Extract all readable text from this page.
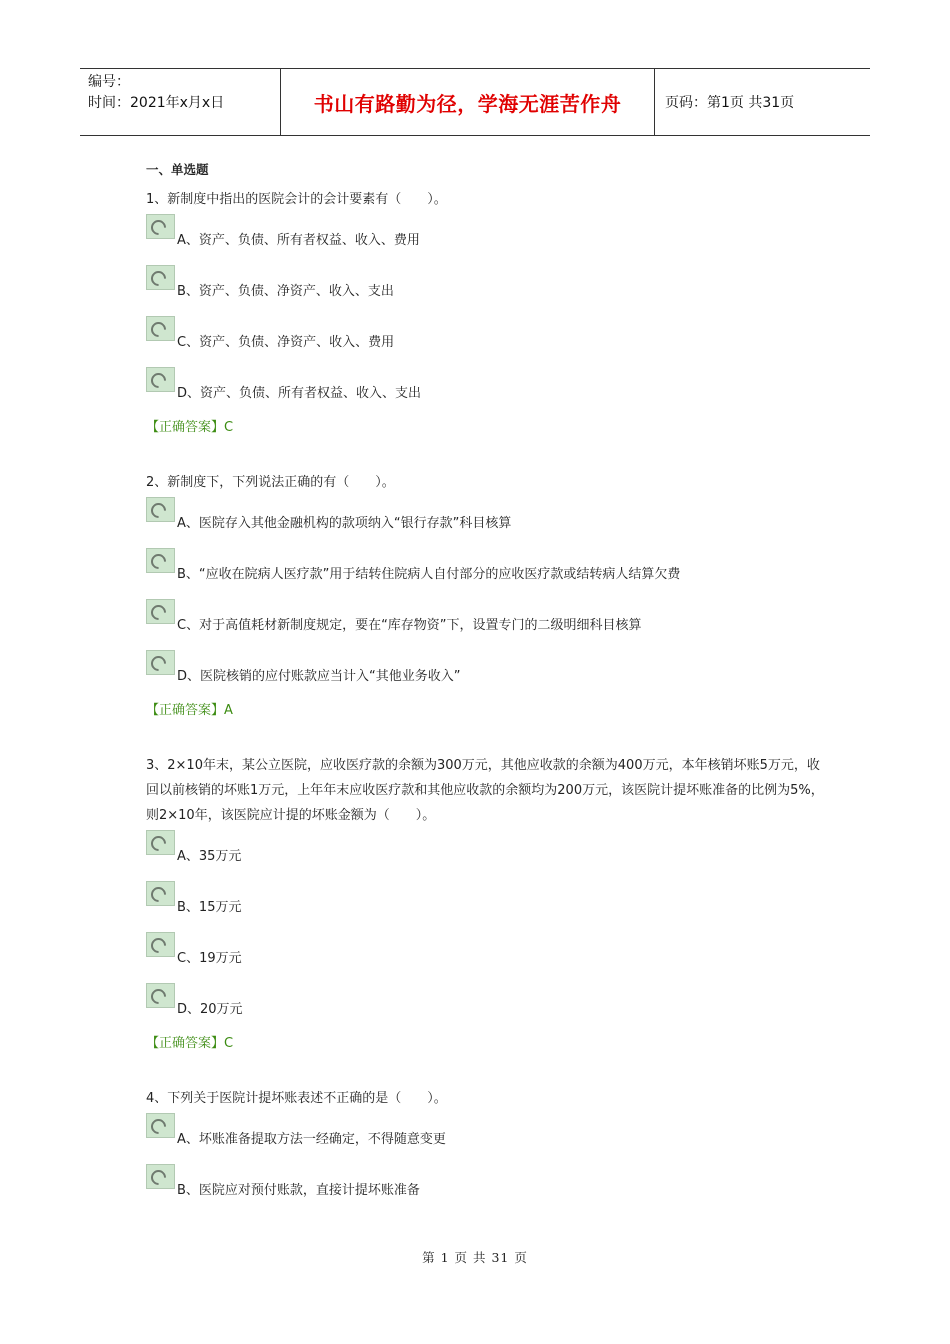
编号：
时间：2021年x月x日	书山有路勤为径，学海无涯苦作舟	页码：第1页 共31页
一、单选题
1、新制度中指出的医院会计的会计要素有（　　）。
A、资产、负债、所有者权益、收入、费用
B、资产、负债、净资产、收入、支出
C、资产、负债、净资产、收入、费用
D、资产、负债、所有者权益、收入、支出
【正确答案】C
2、新制度下，下列说法正确的有（　　）。
A、医院存入其他金融机构的款项纳入“银行存款”科目核算
B、“应收在院病人医疗款”用于结转住院病人自付部分的应收医疗款或结转病人结算欠费
C、对于高值耗材新制度规定，要在“库存物资”下，设置专门的二级明细科目核算
D、医院核销的应付账款应当计入“其他业务收入”
【正确答案】A
3、2×10年末，某公立医院，应收医疗款的余额为300万元，其他应收款的余额为400万元，本年核销坏账5万元，收回以前核销的坏账1万元，上年年末应收医疗款和其他应收款的余额均为200万元，该医院计提坏账准备的比例为5%，则2×10年，该医院应计提的坏账金额为（　　）。
A、35万元
B、15万元
C、19万元
D、20万元
【正确答案】C
4、下列关于医院计提坏账表述不正确的是（　　）。
A、坏账准备提取方法一经确定，不得随意变更
B、医院应对预付账款，直接计提坏账准备
第 1 页 共 31 页
